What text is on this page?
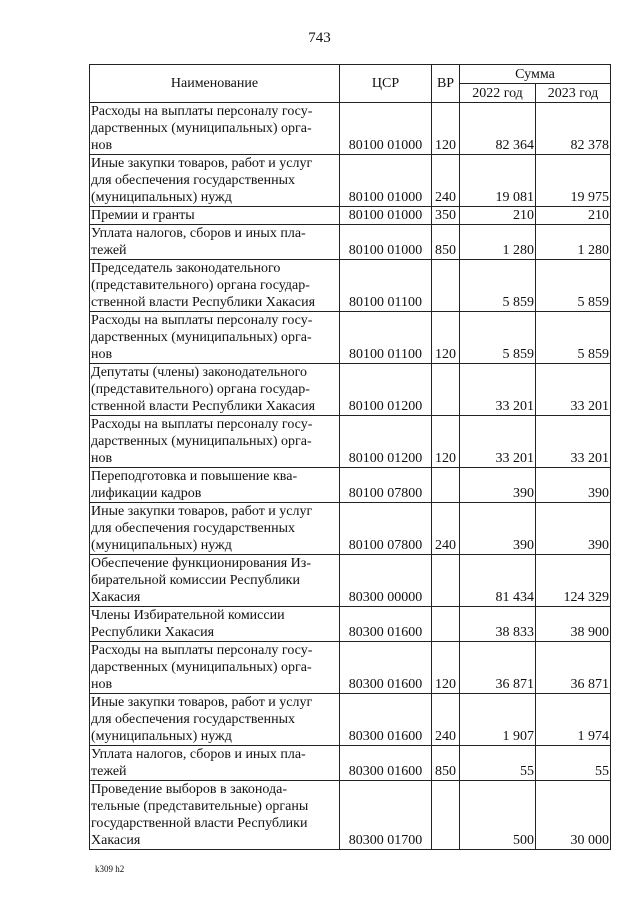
743
Наименование	ЦСР	ВР	Сумма	
			2022 год	2023 год

Расходы на выплаты персоналу госу-
дарственных (муниципальных) орга-
нов	80100 01000	120	82 364	82 378

Иные закупки товаров, работ и услуг
для обеспечения государственных
(муниципальных) нужд	80100 01000	240	19 081	19 975

Премии и гранты	80100 01000	350	210	210

Уплата налогов, сборов и иных пла-
тежей	80100 01000	850	1 280	1 280

Председатель законодательного
(представительного) органа государ-
ственной власти Республики Хакасия	80100 01100		5 859	5 859

Расходы на выплаты персоналу госу-
дарственных (муниципальных) орга-
нов	80100 01100	120	5 859	5 859

Депутаты (члены) законодательного
(представительного) органа государ-
ственной власти Республики Хакасия	80100 01200		33 201	33 201

Расходы на выплаты персоналу госу-
дарственных (муниципальных) орга-
нов	80100 01200	120	33 201	33 201

Переподготовка и повышение ква-
лификации кадров	80100 07800		390	390

Иные закупки товаров, работ и услуг
для обеспечения государственных
(муниципальных) нужд	80100 07800	240	390	390

Обеспечение функционирования Из-
бирательной комиссии Республики
Хакасия	80300 00000		81 434	124 329

Члены Избирательной комиссии
Республики Хакасия	80300 01600		38 833	38 900

Расходы на выплаты персоналу госу-
дарственных (муниципальных) орга-
нов	80300 01600	120	36 871	36 871

Иные закупки товаров, работ и услуг
для обеспечения государственных
(муниципальных) нужд	80300 01600	240	1 907	1 974

Уплата налогов, сборов и иных пла-
тежей	80300 01600	850	55	55

Проведение выборов в законода-
тельные (представительные) органы
государственной власти Республики
Хакасия	80300 01700		500	30 000
k309 h2
